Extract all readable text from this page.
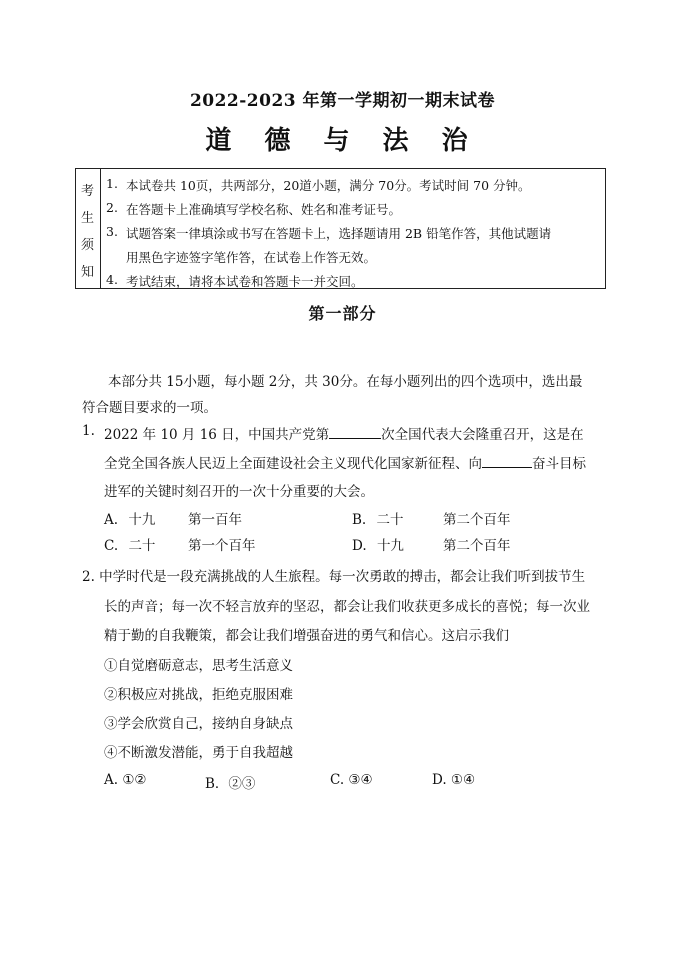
2022-2023 年第一学期初一期末试卷
道 德 与 法 治
考
生
须
知
1. 本试卷共 10页，共两部分，20道小题，满分 70分。考试时间 70 分钟。
2. 在答题卡上准确填写学校名称、姓名和准考证号。
3. 试题答案一律填涂或书写在答题卡上，选择题请用 2B 铅笔作答，其他试题请
用黑色字迹签字笔作答，在试卷上作答无效。
4. 考试结束，请将本试卷和答题卡一并交回。
第一部分
本部分共 15小题，每小题 2分，共 30分。在每小题列出的四个选项中，选出最
符合题目要求的一项。
1. 2022 年 10 月 16 日，中国共产党第	次全国代表大会隆重召开，这是在
全党全国各族人民迈上全面建设社会主义现代化国家新征程、向	奋斗目标
进军的关键时刻召开的一次十分重要的大会。
A. 十九 第一百年	B. 二十	第二个百年
C. 二十 第一个百年	D. 十九	第二个百年
2. 中学时代是一段充满挑战的人生旅程。每一次勇敢的搏击，都会让我们听到拔节生
长的声音；每一次不轻言放弃的坚忍，都会让我们收获更多成长的喜悦；每一次业
精于勤的自我鞭策，都会让我们增强奋进的勇气和信心。这启示我们
①自觉磨砺意志，思考生活意义
②积极应对挑战，拒绝克服困难
③学会欣赏自己，接纳自身缺点
④不断激发潜能，勇于自我超越
A. ①②	B．②③	C. ③④	D. ①④
